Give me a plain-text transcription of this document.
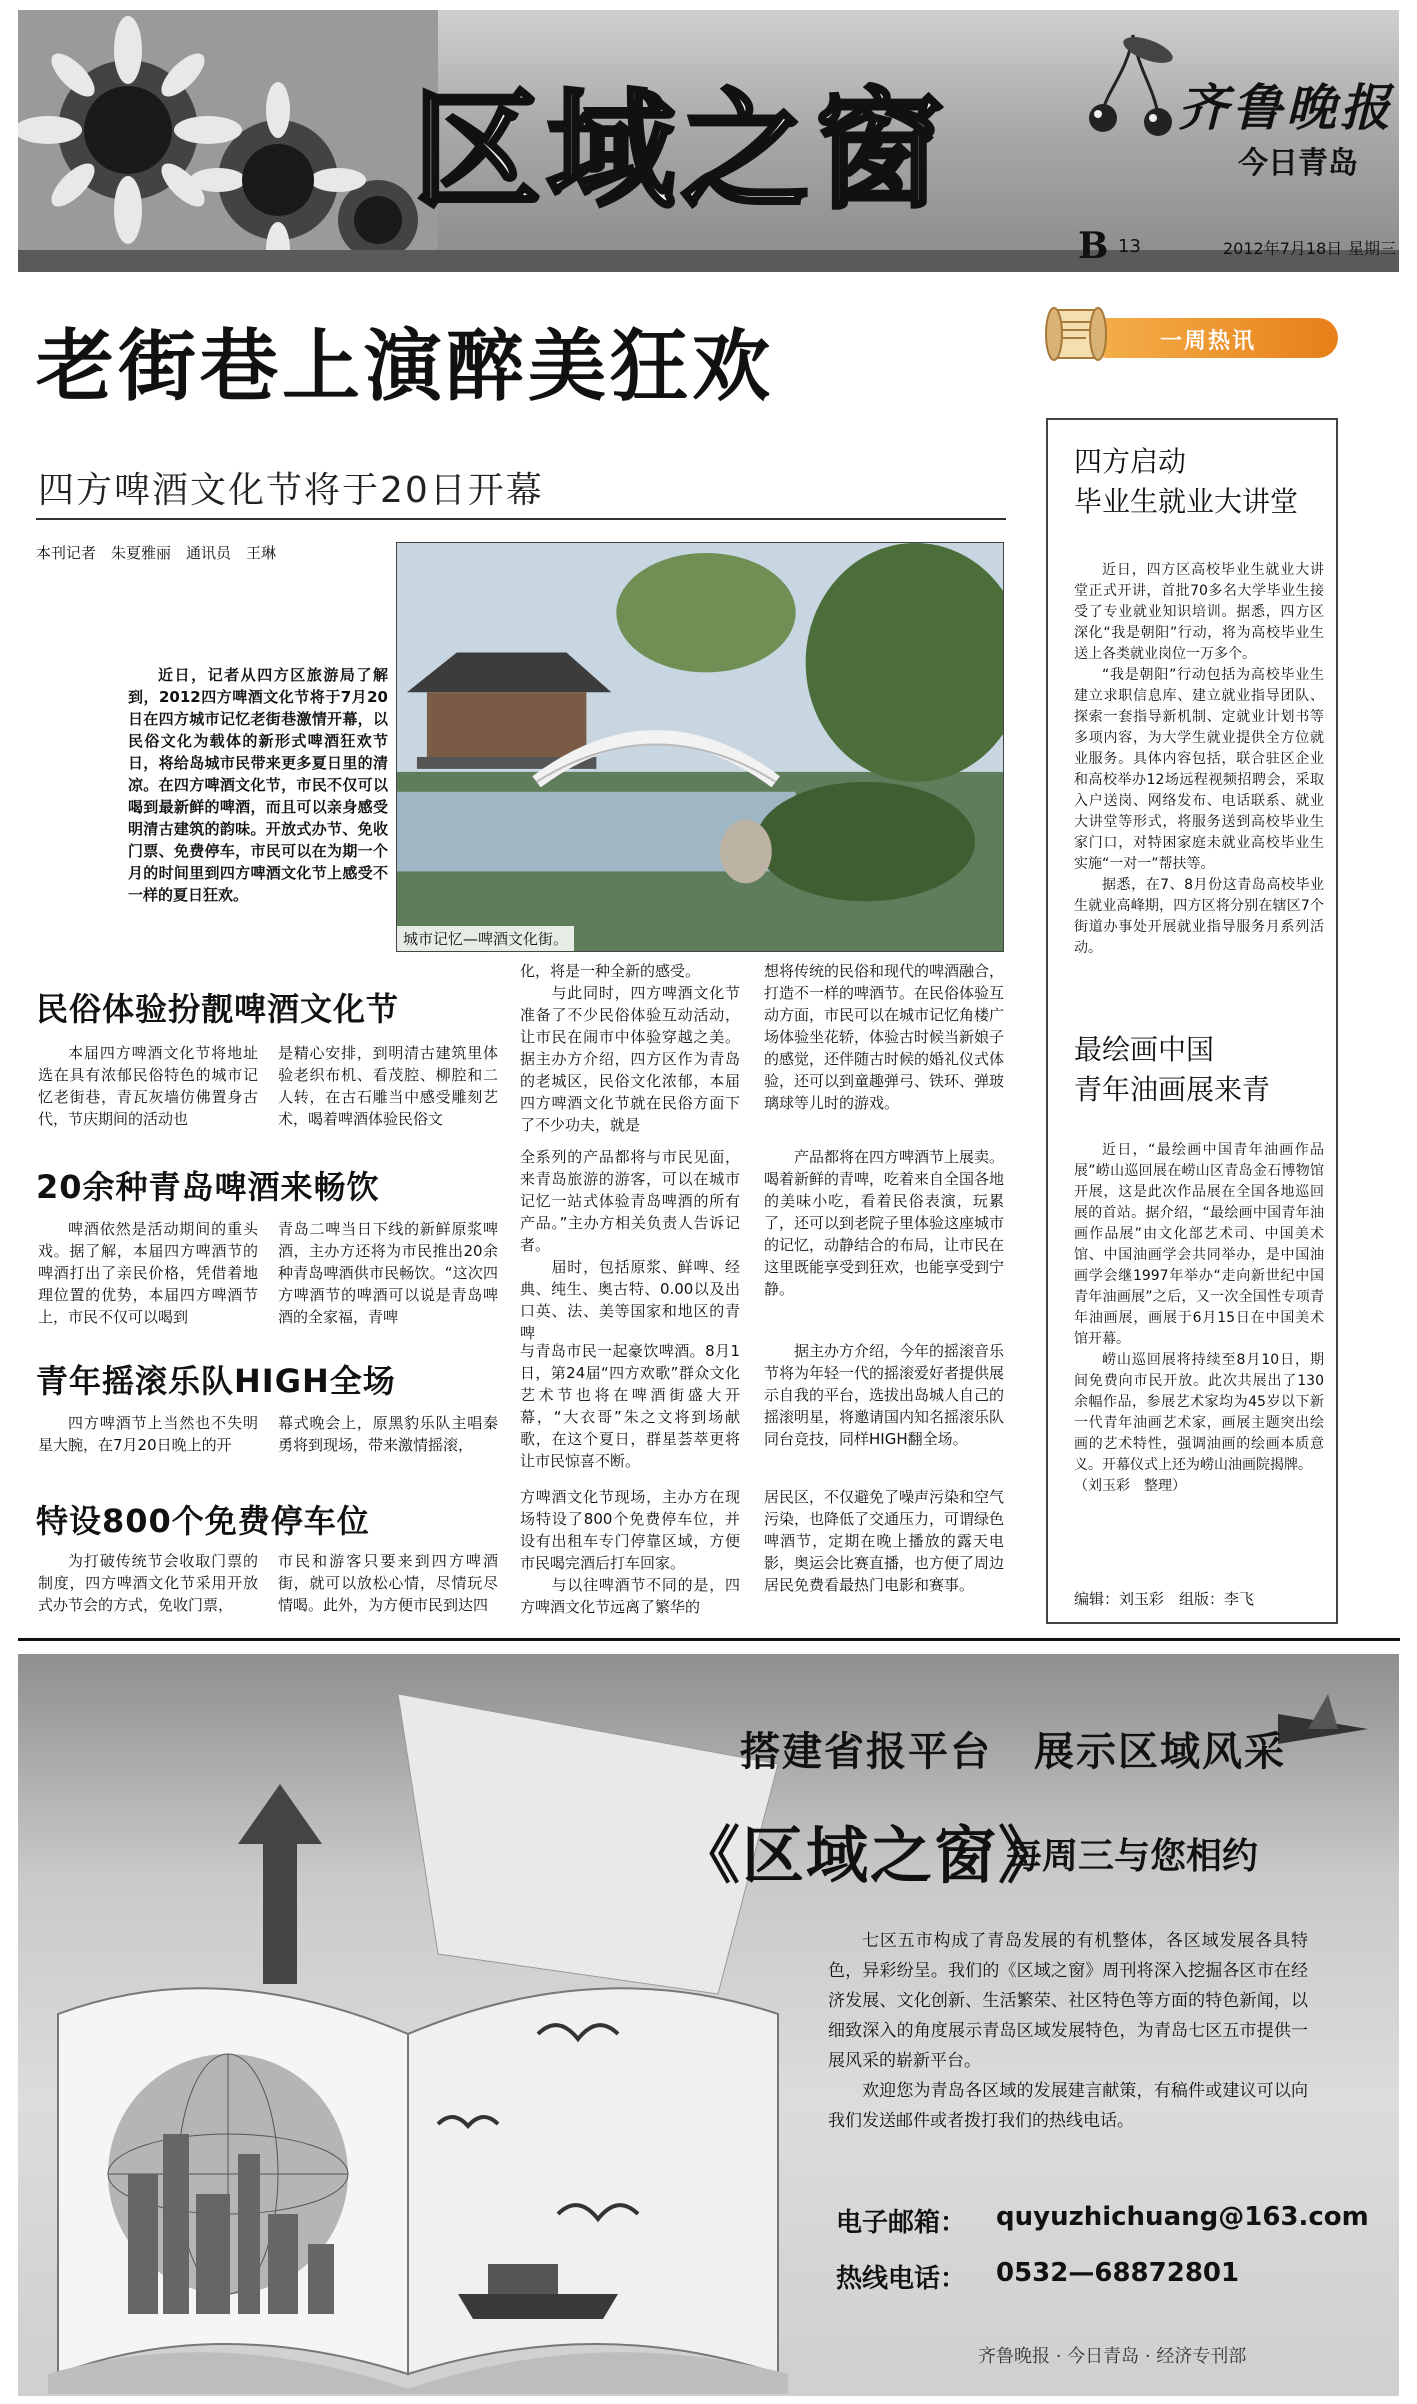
区域之窗	齐鲁晚报
今日青岛
B 13	2012年7月18日 星期三
老街巷上演醉美狂欢
四方啤酒文化节将于20日开幕
本刊记者　朱夏雅丽　通讯员　王琳
近日，记者从四方区旅游局了解到，2012四方啤酒文化节将于7月20日在四方城市记忆老街巷激情开幕，以民俗文化为载体的新形式啤酒狂欢节日，将给岛城市民带来更多夏日里的清凉。在四方啤酒文化节，市民不仅可以喝到最新鲜的啤酒，而且可以亲身感受明清古建筑的韵味。开放式办节、免收门票、免费停车，市民可以在为期一个月的时间里到四方啤酒文化节上感受不一样的夏日狂欢。
城市记忆—啤酒文化街。
民俗体验扮靓啤酒文化节
本届四方啤酒文化节将地址选在具有浓郁民俗特色的城市记忆老街巷，青瓦灰墙仿佛置身古代，节庆期间的活动也
是精心安排，到明清古建筑里体验老织布机、看茂腔、柳腔和二人转，在古石雕当中感受雕刻艺术，喝着啤酒体验民俗文
化，将是一种全新的感受。
　　与此同时，四方啤酒文化节准备了不少民俗体验互动活动，让市民在闹市中体验穿越之美。据主办方介绍，四方区作为青岛的老城区，民俗文化浓郁，本届四方啤酒文化节就在民俗方面下了不少功夫，就是
想将传统的民俗和现代的啤酒融合，打造不一样的啤酒节。在民俗体验互动方面，市民可以在城市记忆角楼广场体验坐花轿，体验古时候当新娘子的感觉，还伴随古时候的婚礼仪式体验，还可以到童趣弹弓、铁环、弹玻璃球等儿时的游戏。
20余种青岛啤酒来畅饮
啤酒依然是活动期间的重头戏。据了解，本届四方啤酒节的啤酒打出了亲民价格，凭借着地理位置的优势，本届四方啤酒节上，市民不仅可以喝到
青岛二啤当日下线的新鲜原浆啤酒，主办方还将为市民推出20余种青岛啤酒供市民畅饮。“这次四方啤酒节的啤酒可以说是青岛啤酒的全家福，青啤
全系列的产品都将与市民见面，来青岛旅游的游客，可以在城市记忆一站式体验青岛啤酒的所有产品。”主办方相关负责人告诉记者。
　　届时，包括原浆、鲜啤、经典、纯生、奥古特、0.00以及出口英、法、美等国家和地区的青啤
产品都将在四方啤酒节上展卖。喝着新鲜的青啤，吃着来自全国各地的美味小吃，看着民俗表演，玩累了，还可以到老院子里体验这座城市的记忆，动静结合的布局，让市民在这里既能享受到狂欢，也能享受到宁静。
青年摇滚乐队HIGH全场
四方啤酒节上当然也不失明星大腕，在7月20日晚上的开
幕式晚会上，原黑豹乐队主唱秦勇将到现场，带来激情摇滚，
与青岛市民一起豪饮啤酒。8月1日，第24届“四方欢歌”群众文化艺术节也将在啤酒街盛大开幕，“大衣哥”朱之文将到场献歌，在这个夏日，群星荟萃更将让市民惊喜不断。
据主办方介绍，今年的摇滚音乐节将为年轻一代的摇滚爱好者提供展示自我的平台，选拔出岛城人自己的摇滚明星，将邀请国内知名摇滚乐队同台竞技，同样HIGH翻全场。
特设800个免费停车位
为打破传统节会收取门票的制度，四方啤酒文化节采用开放式办节会的方式，免收门票，
市民和游客只要来到四方啤酒街，就可以放松心情，尽情玩尽情喝。此外，为方便市民到达四
方啤酒文化节现场，主办方在现场特设了800个免费停车位，并设有出租车专门停靠区域，方便市民喝完酒后打车回家。
　　与以往啤酒节不同的是，四方啤酒文化节远离了繁华的
居民区，不仅避免了噪声污染和空气污染，也降低了交通压力，可谓绿色啤酒节，定期在晚上播放的露天电影，奥运会比赛直播，也方便了周边居民免费看最热门电影和赛事。
一周热讯
四方启动
毕业生就业大讲堂

近日，四方区高校毕业生就业大讲堂正式开讲，首批70多名大学毕业生接受了专业就业知识培训。据悉，四方区深化“我是朝阳”行动，将为高校毕业生送上各类就业岗位一万多个。

“我是朝阳”行动包括为高校毕业生建立求职信息库、建立就业指导团队、探索一套指导新机制、定就业计划书等多项内容，为大学生就业提供全方位就业服务。具体内容包括，联合驻区企业和高校举办12场远程视频招聘会，采取入户送岗、网络发布、电话联系、就业大讲堂等形式，将服务送到高校毕业生家门口，对特困家庭未就业高校毕业生实施“一对一”帮扶等。

据悉，在7、8月份这青岛高校毕业生就业高峰期，四方区将分别在辖区7个街道办事处开展就业指导服务月系列活动。

最绘画中国
青年油画展来青

近日，“最绘画中国青年油画作品展”崂山巡回展在崂山区青岛金石博物馆开展，这是此次作品展在全国各地巡回展的首站。据介绍，“最绘画中国青年油画作品展”由文化部艺术司、中国美术馆、中国油画学会共同举办，是中国油画学会继1997年举办“走向新世纪中国青年油画展”之后，又一次全国性专项青年油画展，画展于6月15日在中国美术馆开幕。

崂山巡回展将持续至8月10日，期间免费向市民开放。此次共展出了130余幅作品，参展艺术家均为45岁以下新一代青年油画艺术家，画展主题突出绘画的艺术特性，强调油画的绘画本质意义。开幕仪式上还为崂山油画院揭牌。

（刘玉彩　整理）

编辑：刘玉彩　组版：李飞
搭建省报平台　展示区域风采
《区域之窗》
每周三与您相约

七区五市构成了青岛发展的有机整体，各区域发展各具特色，异彩纷呈。我们的《区域之窗》周刊将深入挖掘各区市在经济发展、文化创新、生活繁荣、社区特色等方面的特色新闻，以细致深入的角度展示青岛区域发展特色，为青岛七区五市提供一展风采的崭新平台。

欢迎您为青岛各区域的发展建言献策，有稿件或建议可以向我们发送邮件或者拨打我们的热线电话。

电子邮箱： quyuzhichuang@163.com
热线电话： 0532—68872801
齐鲁晚报 · 今日青岛 · 经济专刊部
